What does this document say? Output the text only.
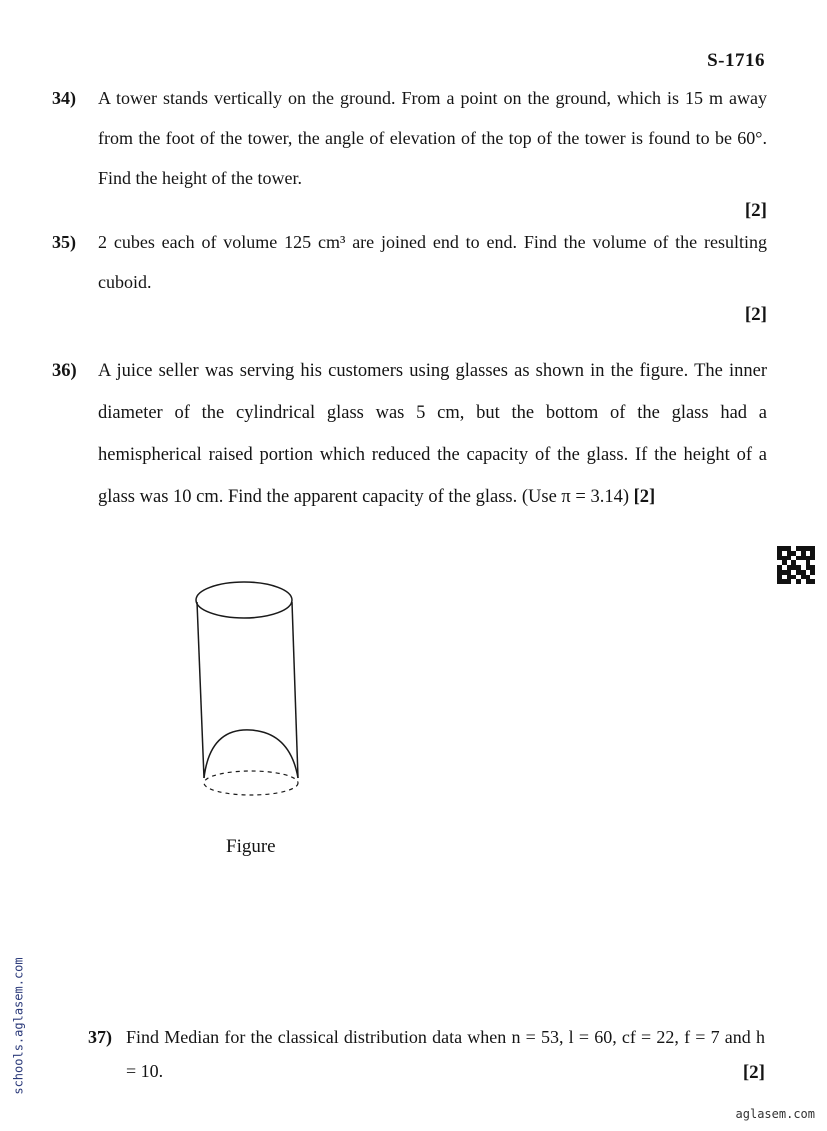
S-1716
34) A tower stands vertically on the ground. From a point on the ground, which is 15 m away from the foot of the tower, the angle of elevation of the top of the tower is found to be 60°. Find the height of the tower.
[2]
35) 2 cubes each of volume 125 cm³ are joined end to end. Find the volume of the resulting cuboid.
[2]
36) A juice seller was serving his customers using glasses as shown in the figure. The inner diameter of the cylindrical glass was 5 cm, but the bottom of the glass had a hemispherical raised portion which reduced the capacity of the glass. If the height of a glass was 10 cm. Find the apparent capacity of the glass. (Use π = 3.14) [2]
Figure
37) Find Median for the classical distribution data when n = 53, l = 60, cf = 22, f = 7 and h = 10.	[2]
schools.aglasem.com
aglasem.com
